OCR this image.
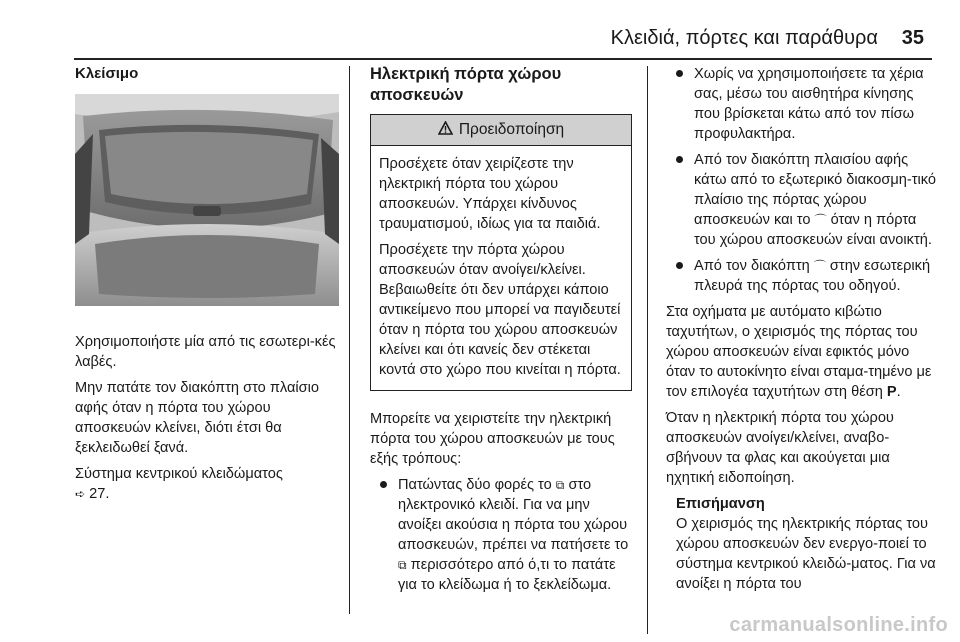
Κλειδιά, πόρτες και παράθυρα 35
Κλείσιμο

Χρησιμοποιήστε μία από τις εσωτερι-κές λαβές.

Μην πατάτε τον διακόπτη στο πλαίσιο αφής όταν η πόρτα του χώρου αποσκευών κλείνει, διότι έτσι θα ξεκλειδωθεί ξανά.

Σύστημα κεντρικού κλειδώματος
➪ 27.

Ηλεκτρική πόρτα χώρου αποσκευών
Προειδοποίηση

Προσέχετε όταν χειρίζεστε την ηλεκτρική πόρτα του χώρου αποσκευών. Υπάρχει κίνδυνος τραυματισμού, ιδίως για τα παιδιά.

Προσέχετε την πόρτα χώρου αποσκευών όταν ανοίγει/κλείνει. Βεβαιωθείτε ότι δεν υπάρχει κάποιο αντικείμενο που μπορεί να παγιδευτεί όταν η πόρτα του χώρου αποσκευών κλείνει και ότι κανείς δεν στέκεται κοντά στο χώρο που κινείται η πόρτα.

Μπορείτε να χειριστείτε την ηλεκτρική πόρτα του χώρου αποσκευών με τους εξής τρόπους:

Πατώντας δύο φορές το ⧉ στο ηλεκτρονικό κλειδί. Για να μην ανοίξει ακούσια η πόρτα του χώρου αποσκευών, πρέπει να πατήσετε το ⧉ περισσότερο από ό,τι το πατάτε για το κλείδωμα ή το ξεκλείδωμα.
Χωρίς να χρησιμοποιήσετε τα χέρια σας, μέσω του αισθητήρα κίνησης που βρίσκεται κάτω από τον πίσω προφυλακτήρα.
Από τον διακόπτη πλαισίου αφής κάτω από το εξωτερικό διακοσμη-τικό πλαίσιο της πόρτας χώρου αποσκευών και το ⌒ όταν η πόρτα του χώρου αποσκευών είναι ανοικτή.
Από τον διακόπτη ⌒ στην εσωτερική πλευρά της πόρτας του οδηγού.

Στα οχήματα με αυτόματο κιβώτιο ταχυτήτων, ο χειρισμός της πόρτας του χώρου αποσκευών είναι εφικτός μόνο όταν το αυτοκίνητο είναι σταμα-τημένο με τον επιλογέα ταχυτήτων στη θέση P.

Όταν η ηλεκτρική πόρτα του χώρου αποσκευών ανοίγει/κλείνει, αναβο-σβήνουν τα φλας και ακούγεται μια ηχητική ειδοποίηση.

Επισήμανση
Ο χειρισμός της ηλεκτρικής πόρτας του χώρου αποσκευών δεν ενεργο-ποιεί το σύστημα κεντρικού κλειδώ-ματος. Για να ανοίξει η πόρτα του
carmanualsonline.info
